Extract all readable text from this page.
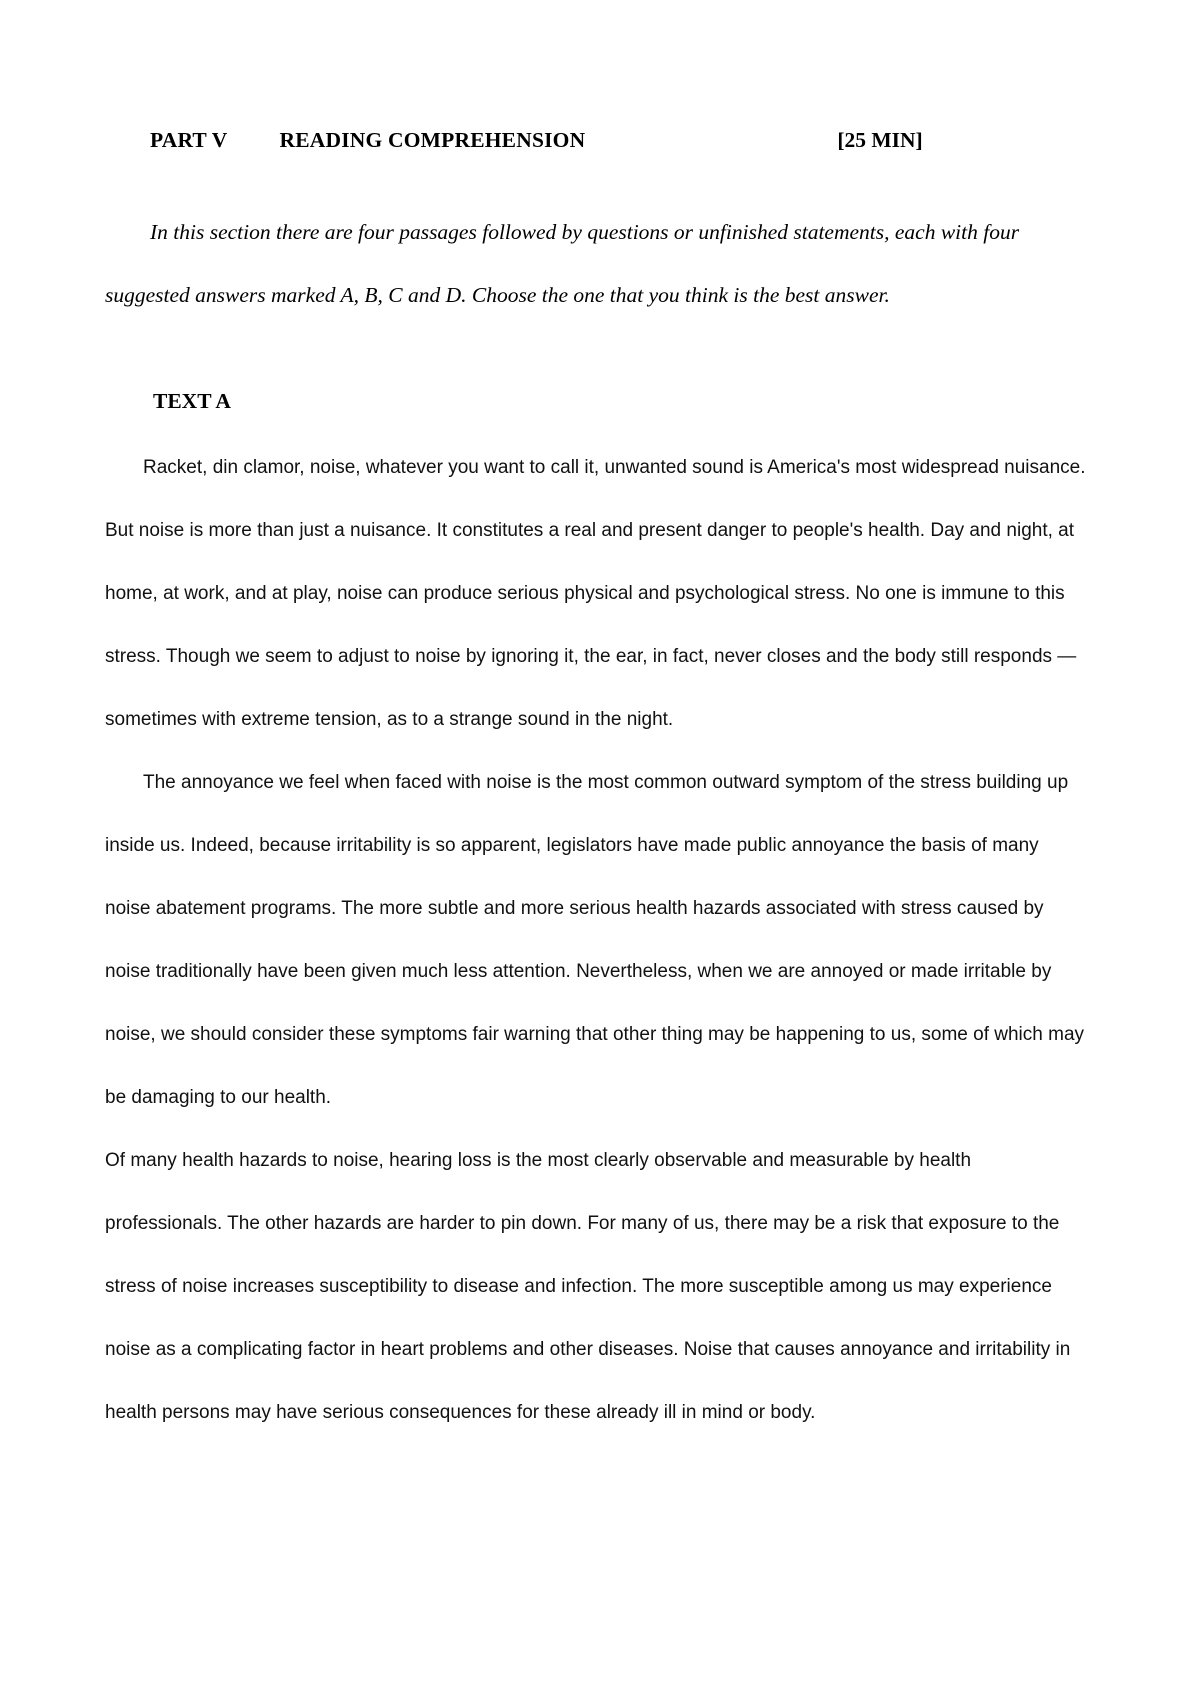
PART V READING COMPREHENSION	[25 MIN]
In this section there are four passages followed by questions or unfinished statements, each with four suggested answers marked A, B, C and D. Choose the one that you think is the best answer.
TEXT A

Racket, din clamor, noise, whatever you want to call it, unwanted sound is America's most widespread nuisance. But noise is more than just a nuisance. It constitutes a real and present danger to people's health. Day and night, at home, at work, and at play, noise can produce serious physical and psychological stress. No one is immune to this stress. Though we seem to adjust to noise by ignoring it, the ear, in fact, never closes and the body still responds —sometimes with extreme tension, as to a strange sound in the night.

The annoyance we feel when faced with noise is the most common outward symptom of the stress building up inside us. Indeed, because irritability is so apparent, legislators have made public annoyance the basis of many noise abatement programs. The more subtle and more serious health hazards associated with stress caused by noise traditionally have been given much less attention. Nevertheless, when we are annoyed or made irritable by noise, we should consider these symptoms fair warning that other thing may be happening to us, some of which may be damaging to our health.

Of many health hazards to noise, hearing loss is the most clearly observable and measurable by health professionals. The other hazards are harder to pin down. For many of us, there may be a risk that exposure to the stress of noise increases susceptibility to disease and infection. The more susceptible among us may experience noise as a complicating factor in heart problems and other diseases. Noise that causes annoyance and irritability in health persons may have serious consequences for these already ill in mind or body.
